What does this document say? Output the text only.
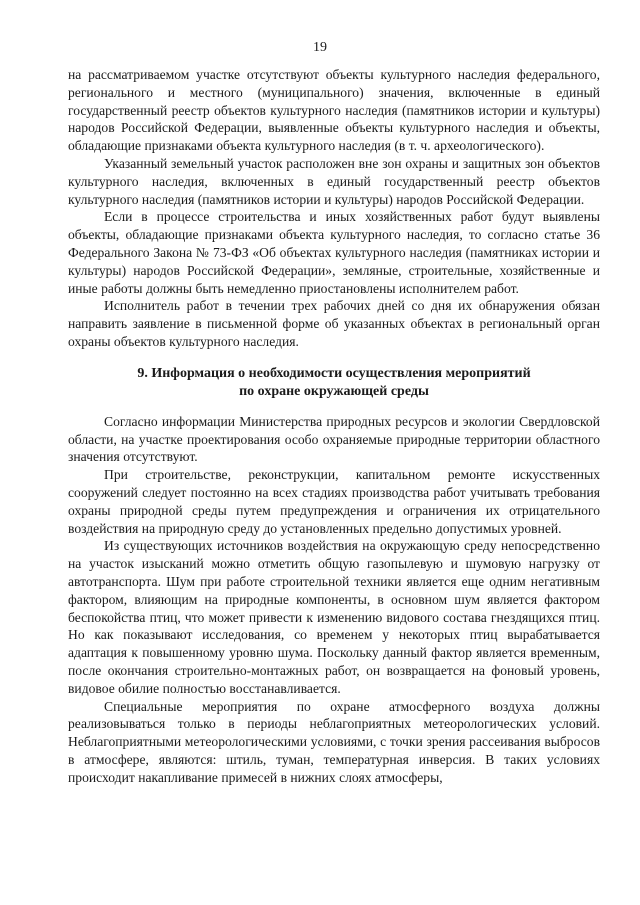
19

на рассматриваемом участке отсутствуют объекты культурного наследия федерального, регионального и местного (муниципального) значения, включенные в единый государственный реестр объектов культурного наследия (памятников истории и культуры) народов Российской Федерации, выявленные объекты культурного наследия и объекты, обладающие признаками объекта культурного наследия (в т. ч. археологического).

Указанный земельный участок расположен вне зон охраны и защитных зон объектов культурного наследия, включенных в единый государственный реестр объектов культурного наследия (памятников истории и культуры) народов Российской Федерации.

Если в процессе строительства и иных хозяйственных работ будут выявлены объекты, обладающие признаками объекта культурного наследия, то согласно статье 36 Федерального Закона № 73-ФЗ «Об объектах культурного наследия (памятниках истории и культуры) народов Российской Федерации», земляные, строительные, хозяйственные и иные работы должны быть немедленно приостановлены исполнителем работ.

Исполнитель работ в течении трех рабочих дней со дня их обнаружения обязан направить заявление в письменной форме об указанных объектах в региональный орган охраны объектов культурного наследия.

9. Информация о необходимости осуществления мероприятий
по охране окружающей среды

Согласно информации Министерства природных ресурсов и экологии Свердловской области, на участке проектирования особо охраняемые природные территории областного значения отсутствуют.

При строительстве, реконструкции, капитальном ремонте искусственных сооружений следует постоянно на всех стадиях производства работ учитывать требования охраны природной среды путем предупреждения и ограничения их отрицательного воздействия на природную среду до установленных предельно допустимых уровней.

Из существующих источников воздействия на окружающую среду непосредственно на участок изысканий можно отметить общую газопылевую и шумовую нагрузку от автотранспорта. Шум при работе строительной техники является еще одним негативным фактором, влияющим на природные компоненты, в основном шум является фактором беспокойства птиц, что может привести к изменению видового состава гнездящихся птиц. Но как показывают исследования, со временем у некоторых птиц вырабатывается адаптация к повышенному уровню шума. Поскольку данный фактор является временным, после окончания строительно-монтажных работ, он возвращается на фоновый уровень, видовое обилие полностью восстанавливается.

Специальные мероприятия по охране атмосферного воздуха должны реализовываться только в периоды неблагоприятных метеорологических условий. Неблагоприятными метеорологическими условиями, с точки зрения рассеивания выбросов в атмосфере, являются: штиль, туман, температурная инверсия. В таких условиях происходит накапливание примесей в нижних слоях атмосферы,
